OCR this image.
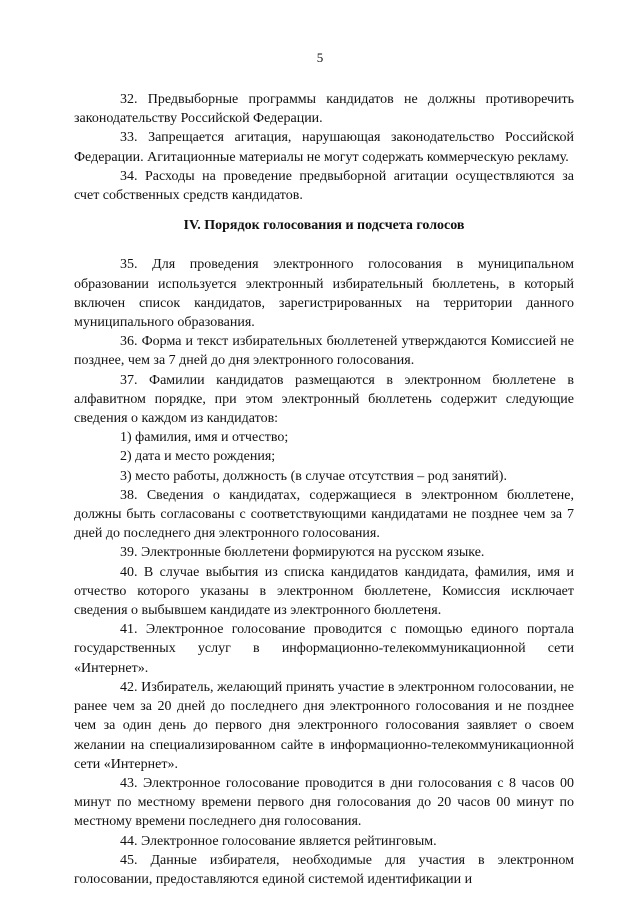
5

32. Предвыборные программы кандидатов не должны противоречить законодательству Российской Федерации.

33. Запрещается агитация, нарушающая законодательство Российской Федерации. Агитационные материалы не могут содержать коммерческую рекламу.

34. Расходы на проведение предвыборной агитации осуществляются за счет собственных средств кандидатов.

IV. Порядок голосования и подсчета голосов

35. Для проведения электронного голосования в муниципальном образовании используется электронный избирательный бюллетень, в который включен список кандидатов, зарегистрированных на территории данного муниципального образования.

36. Форма и текст избирательных бюллетеней утверждаются Комиссией не позднее, чем за 7 дней до дня электронного голосования.

37. Фамилии кандидатов размещаются в электронном бюллетене в алфавитном порядке, при этом электронный бюллетень содержит следующие сведения о каждом из кандидатов:

1) фамилия, имя и отчество;

2) дата и место рождения;

3) место работы, должность (в случае отсутствия – род занятий).

38. Сведения о кандидатах, содержащиеся в электронном бюллетене, должны быть согласованы с соответствующими кандидатами не позднее чем за 7 дней до последнего дня электронного голосования.

39. Электронные бюллетени формируются на русском языке.

40. В случае выбытия из списка кандидатов кандидата, фамилия, имя и отчество которого указаны в электронном бюллетене, Комиссия исключает сведения о выбывшем кандидате из электронного бюллетеня.

41. Электронное голосование проводится с помощью единого портала государственных услуг в информационно-телекоммуникационной сети «Интернет».

42. Избиратель, желающий принять участие в электронном голосовании, не ранее чем за 20 дней до последнего дня электронного голосования и не позднее чем за один день до первого дня электронного голосования заявляет о своем желании на специализированном сайте в информационно-телекоммуникационной сети «Интернет».

43. Электронное голосование проводится в дни голосования с 8 часов 00 минут по местному времени первого дня голосования до 20 часов 00 минут по местному времени последнего дня голосования.

44. Электронное голосование является рейтинговым.

45. Данные избирателя, необходимые для участия в электронном голосовании, предоставляются единой системой идентификации и
